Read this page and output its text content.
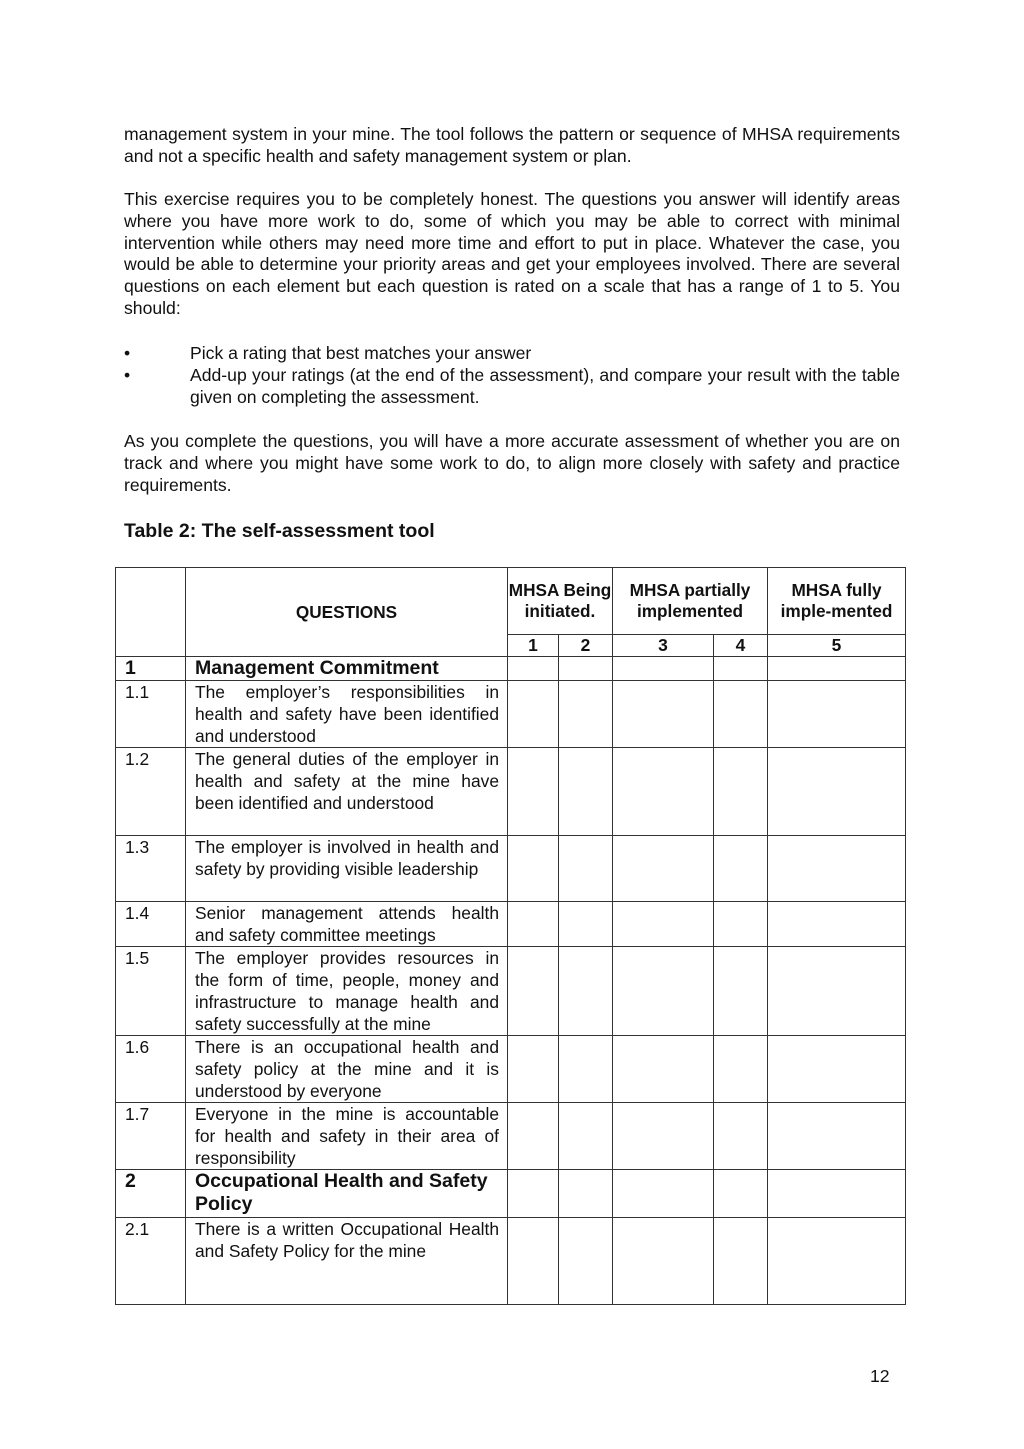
management system in your mine. The tool follows the pattern or sequence of MHSA requirements and not a specific health and safety management system or plan.

This exercise requires you to be completely honest. The questions you answer will identify areas where you have more work to do, some of which you may be able to correct with minimal intervention while others may need more time and effort to put in place. Whatever the case, you would be able to determine your priority areas and get your employees involved. There are several questions on each element but each question is rated on a scale that has a range of 1 to 5. You should:

•	Pick a rating that best matches your answer
•	Add-up your ratings (at the end of the assessment), and compare your result with the table given on completing the assessment.

As you complete the questions, you will have a more accurate assessment of whether you are on track and where you might have some work to do, to align more closely with safety and practice requirements.

Table 2: The self-assessment tool
	QUESTIONS	MHSA Being initiated.		MHSA partially implemented		MHSA fully imple-mented
		1	2	3	4	5
1	Management Commitment					
1.1	The employer’s responsibilities in health and safety have been identified and understood					
1.2	The general duties of the employer in health and safety at the mine have been identified and understood					
1.3	The employer is involved in health and safety by providing visible leadership					
1.4	Senior management attends health and safety committee meetings					
1.5	The employer provides resources in the form of time, people, money and infrastructure to manage health and safety successfully at the mine					
1.6	There is an occupational health and safety policy at the mine and it is understood by everyone					
1.7	Everyone in the mine is accountable for health and safety in their area of responsibility					
2	Occupational Health and Safety Policy					
2.1	There is a written Occupational Health and Safety Policy for the mine					
12
